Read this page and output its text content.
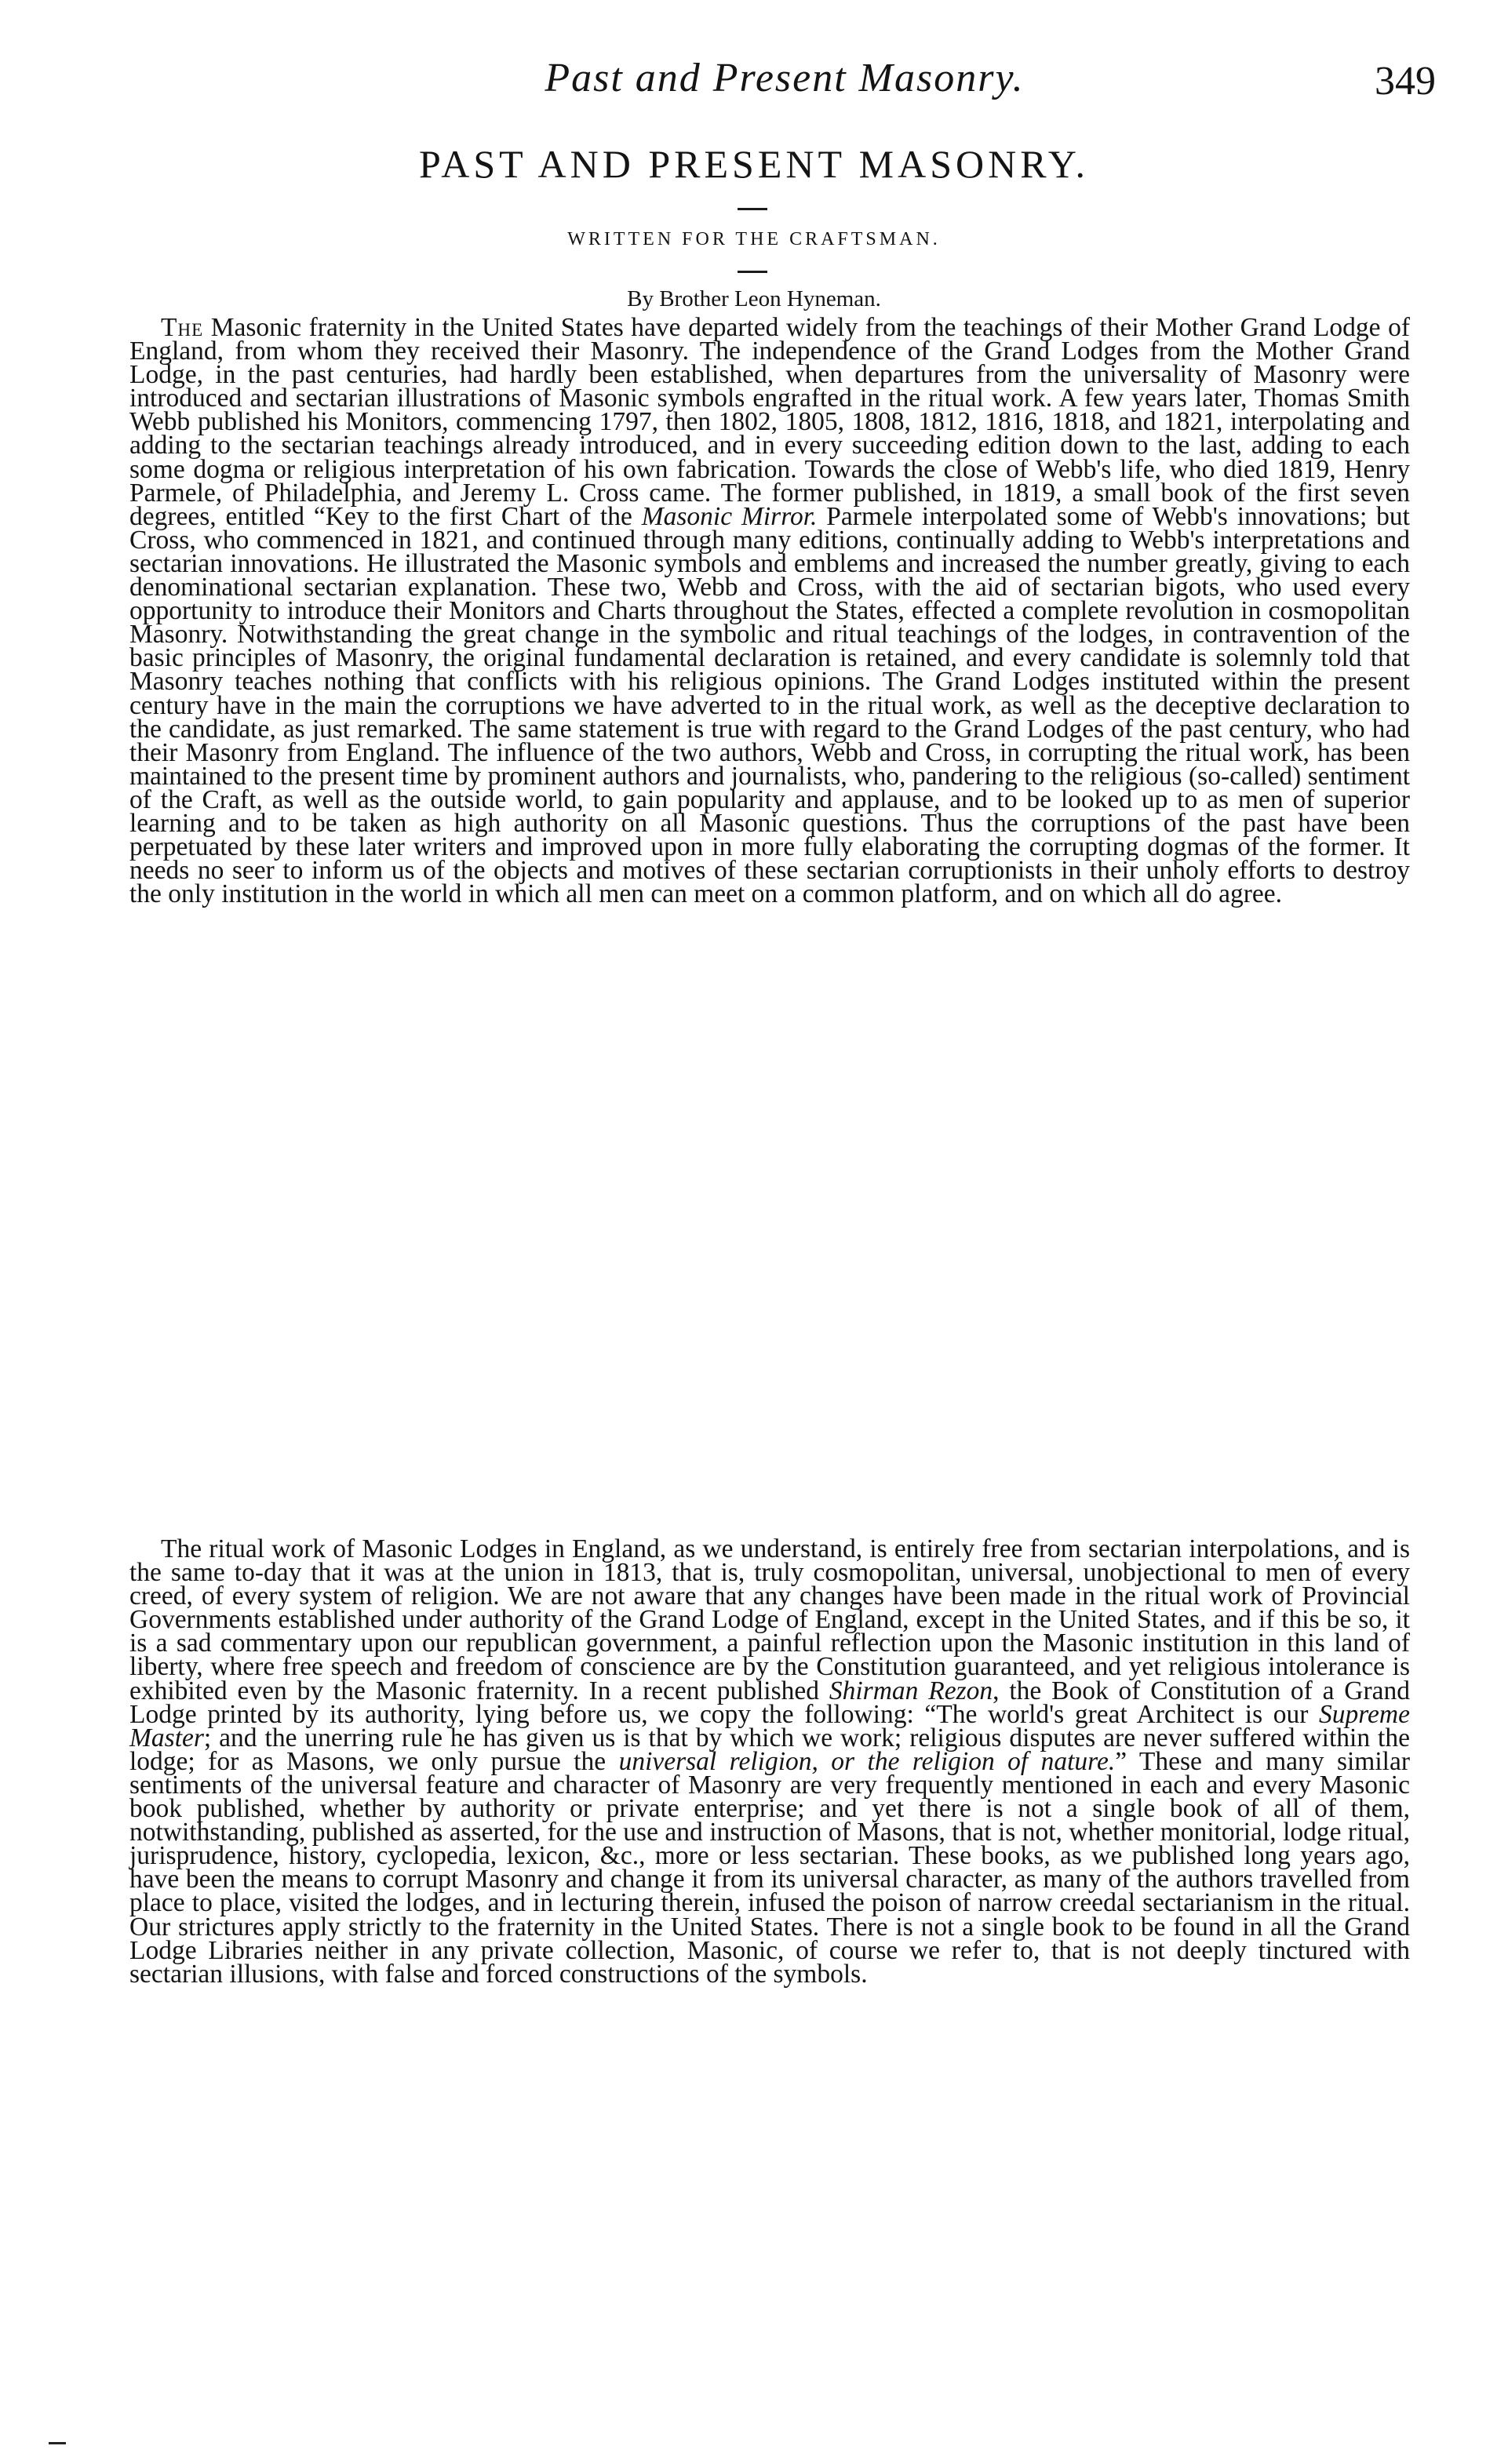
Past and Present Masonry.	349
PAST AND PRESENT MASONRY.
WRITTEN FOR THE CRAFTSMAN.
By Brother Leon Hyneman.

The Masonic fraternity in the United States have departed widely from the teachings of their Mother Grand Lodge of England, from whom they received their Masonry. The independence of the Grand Lodges from the Mother Grand Lodge, in the past centuries, had hardly been established, when departures from the universality of Masonry were introduced and sectarian illustrations of Masonic symbols engrafted in the ritual work. A few years later, Thomas Smith Webb published his Monitors, commencing 1797, then 1802, 1805, 1808, 1812, 1816, 1818, and 1821, interpolating and adding to the sectarian teachings already introduced, and in every succeeding edition down to the last, adding to each some dogma or religious interpretation of his own fabrication. Towards the close of Webb's life, who died 1819, Henry Parmele, of Philadelphia, and Jeremy L. Cross came. The former published, in 1819, a small book of the first seven degrees, entitled “Key to the first Chart of the Masonic Mirror. Parmele interpolated some of Webb's innovations; but Cross, who commenced in 1821, and continued through many editions, continually adding to Webb's interpretations and sectarian innovations. He illustrated the Masonic symbols and emblems and increased the number greatly, giving to each denominational sectarian explanation. These two, Webb and Cross, with the aid of sectarian bigots, who used every opportunity to introduce their Monitors and Charts throughout the States, effected a complete revolution in cosmopolitan Masonry. Notwithstanding the great change in the symbolic and ritual teachings of the lodges, in contravention of the basic principles of Masonry, the original fundamental declaration is retained, and every candidate is solemnly told that Masonry teaches nothing that conflicts with his religious opinions. The Grand Lodges instituted within the present century have in the main the corruptions we have adverted to in the ritual work, as well as the deceptive declaration to the candidate, as just remarked. The same statement is true with regard to the Grand Lodges of the past century, who had their Masonry from England. The influence of the two authors, Webb and Cross, in corrupting the ritual work, has been maintained to the present time by prominent authors and journalists, who, pandering to the religious (so-called) sentiment of the Craft, as well as the outside world, to gain popularity and applause, and to be looked up to as men of superior learning and to be taken as high authority on all Masonic questions. Thus the corruptions of the past have been perpetuated by these later writers and improved upon in more fully elaborating the corrupting dogmas of the former. It needs no seer to inform us of the objects and motives of these sectarian corruptionists in their unholy efforts to destroy the only institution in the world in which all men can meet on a common platform, and on which all do agree.

The ritual work of Masonic Lodges in England, as we understand, is entirely free from sectarian interpolations, and is the same to-day that it was at the union in 1813, that is, truly cosmopolitan, universal, unobjectional to men of every creed, of every system of religion. We are not aware that any changes have been made in the ritual work of Provincial Governments established under authority of the Grand Lodge of England, except in the United States, and if this be so, it is a sad commentary upon our republican government, a painful reflection upon the Masonic institution in this land of liberty, where free speech and freedom of conscience are by the Constitution guaranteed, and yet religious intolerance is exhibited even by the Masonic fraternity. In a recent published Shirman Rezon, the Book of Constitution of a Grand Lodge printed by its authority, lying before us, we copy the following: “The world's great Architect is our Supreme Master; and the unerring rule he has given us is that by which we work; religious disputes are never suffered within the lodge; for as Masons, we only pursue the universal religion, or the religion of nature.” These and many similar sentiments of the universal feature and character of Masonry are very frequently mentioned in each and every Masonic book published, whether by authority or private enterprise; and yet there is not a single book of all of them, notwithstanding, published as asserted, for the use and instruction of Masons, that is not, whether monitorial, lodge ritual, jurisprudence, history, cyclopedia, lexicon, &c., more or less sectarian. These books, as we published long years ago, have been the means to corrupt Masonry and change it from its universal character, as many of the authors travelled from place to place, visited the lodges, and in lecturing therein, infused the poison of narrow creedal sectarianism in the ritual. Our strictures apply strictly to the fraternity in the United States. There is not a single book to be found in all the Grand Lodge Libraries neither in any private collection, Masonic, of course we refer to, that is not deeply tinctured with sectarian illusions, with false and forced constructions of the symbols.
